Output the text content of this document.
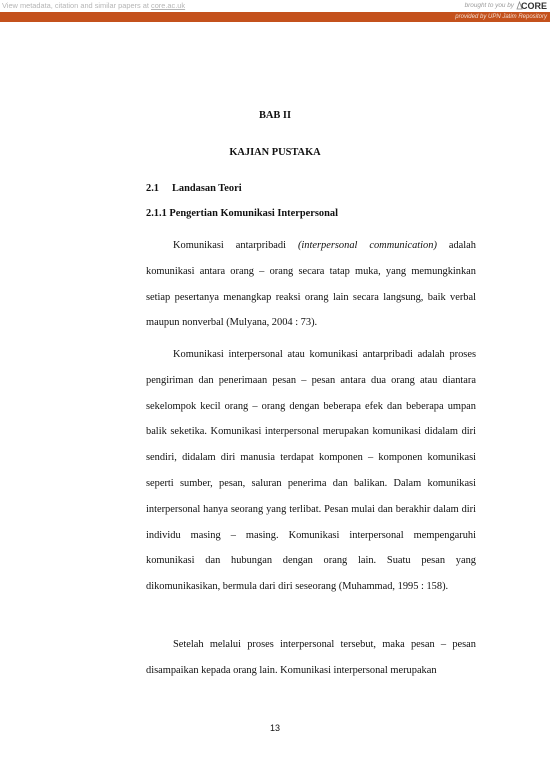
View metadata, citation and similar papers at core.ac.uk	brought to you by CORE
provided by UPN Jatim Repository
BAB II
KAJIAN PUSTAKA
2.1 Landasan Teori
2.1.1 Pengertian Komunikasi Interpersonal
Komunikasi antarpribadi (interpersonal communication) adalah komunikasi antara orang – orang secara tatap muka, yang memungkinkan setiap pesertanya menangkap reaksi orang lain secara langsung, baik verbal maupun nonverbal (Mulyana, 2004 : 73).
Komunikasi interpersonal atau komunikasi antarpribadi adalah proses pengiriman dan penerimaan pesan – pesan antara dua orang atau diantara sekelompok kecil orang – orang dengan beberapa efek dan beberapa umpan balik seketika. Komunikasi interpersonal merupakan komunikasi didalam diri sendiri, didalam diri manusia terdapat komponen – komponen komunikasi seperti sumber, pesan, saluran penerima dan balikan. Dalam komunikasi interpersonal hanya seorang yang terlibat. Pesan mulai dan berakhir dalam diri individu masing – masing. Komunikasi interpersonal mempengaruhi komunikasi dan hubungan dengan orang lain. Suatu pesan yang dikomunikasikan, bermula dari diri seseorang (Muhammad, 1995 : 158).
Setelah melalui proses interpersonal tersebut, maka pesan – pesan disampaikan kepada orang lain. Komunikasi interpersonal merupakan
13
